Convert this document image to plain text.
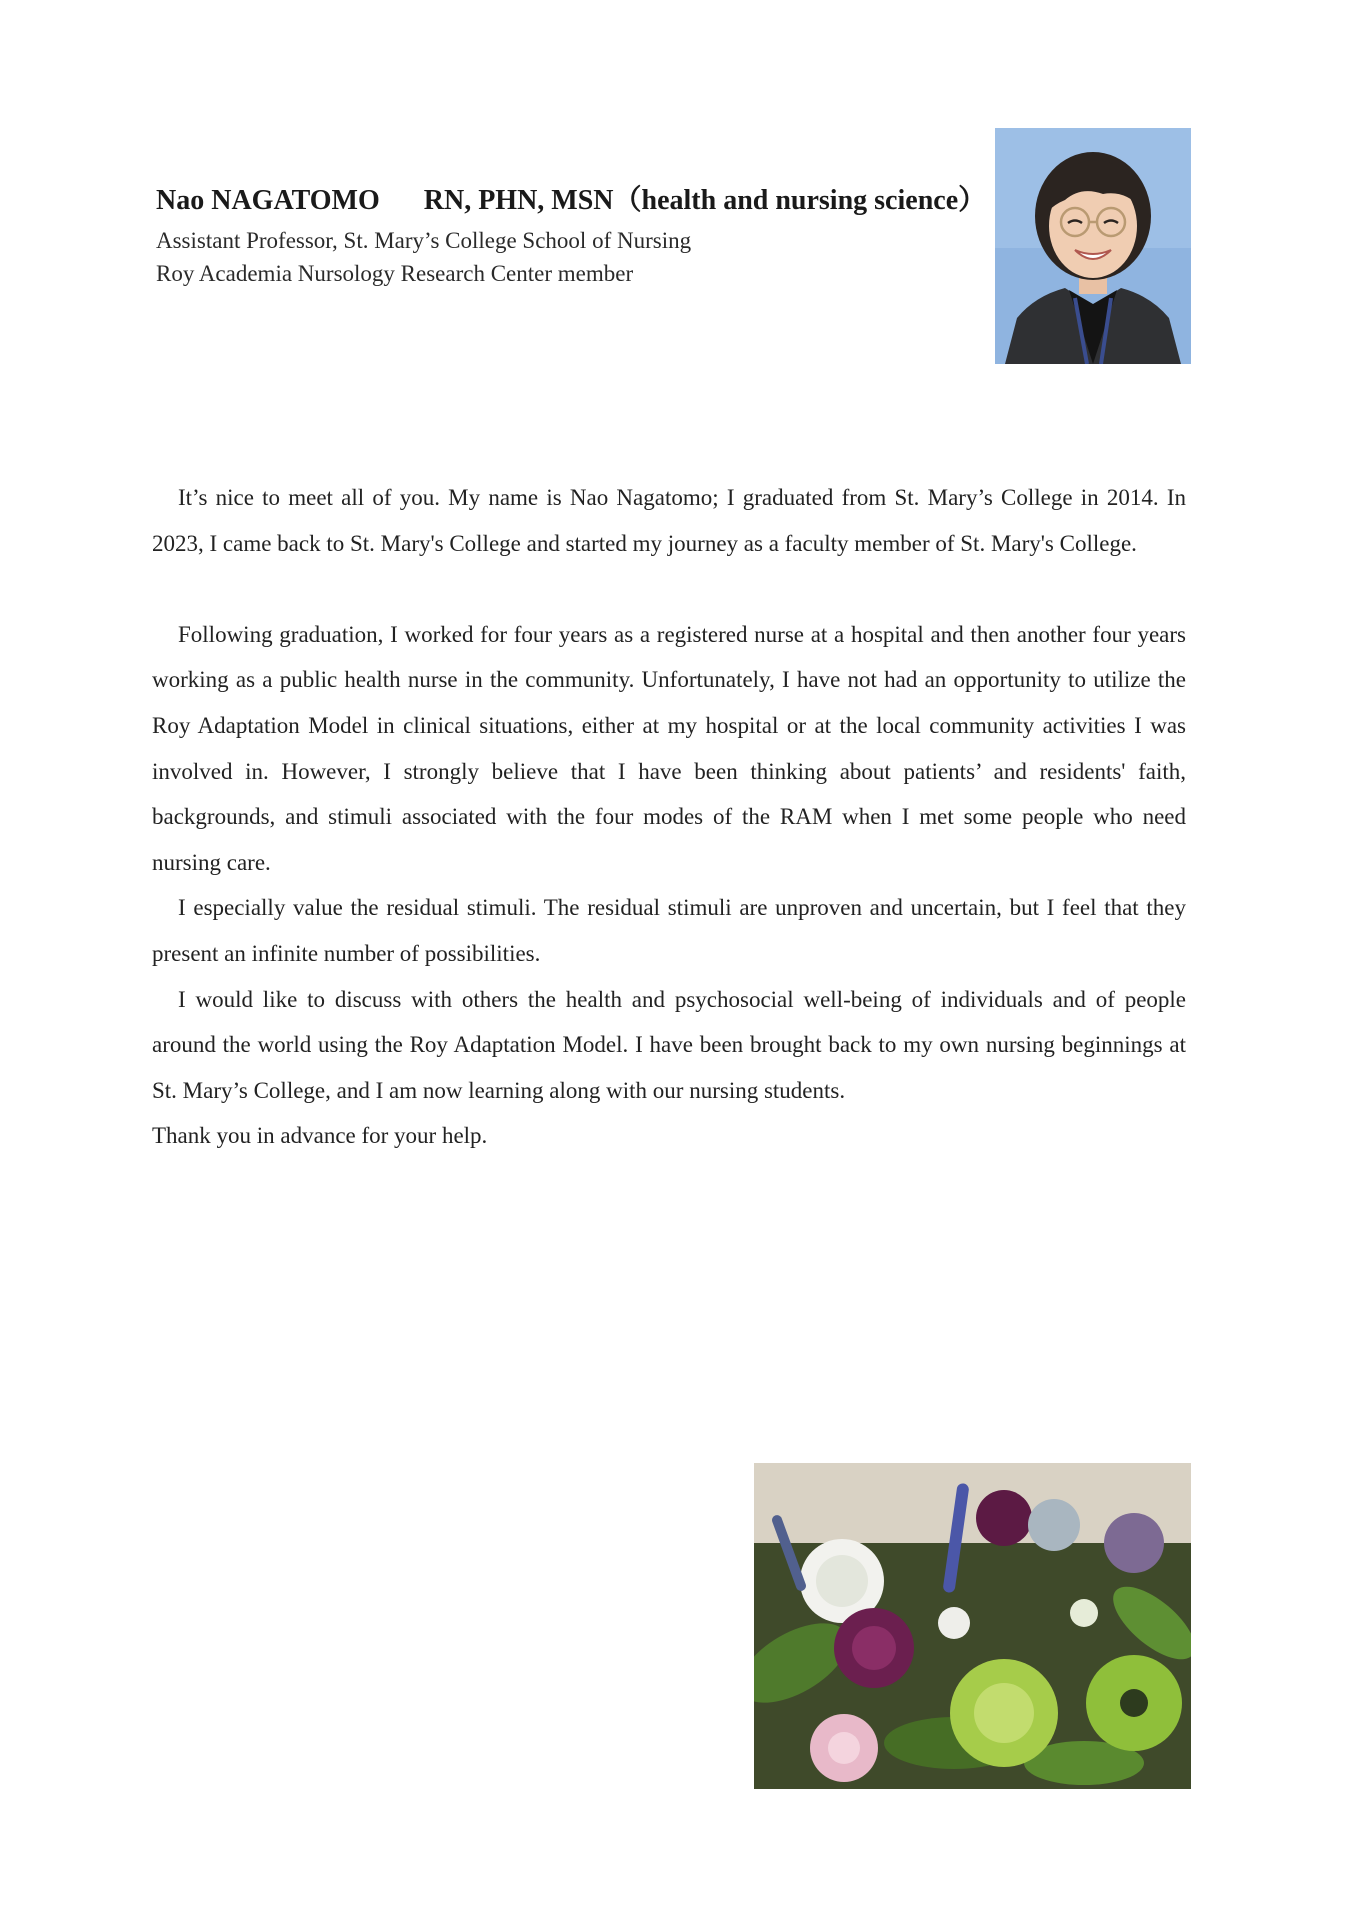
Nao NAGATOMO RN, PHN, MSN（health and nursing science）
Assistant Professor, St. Mary’s College School of Nursing
Roy Academia Nursology Research Center member

It’s nice to meet all of you. My name is Nao Nagatomo; I graduated from St. Mary’s College in 2014. In 2023, I came back to St. Mary's College and started my journey as a faculty member of St. Mary's College.

Following graduation, I worked for four years as a registered nurse at a hospital and then another four years working as a public health nurse in the community. Unfortunately, I have not had an opportunity to utilize the Roy Adaptation Model in clinical situations, either at my hospital or at the local community activities I was involved in. However, I strongly believe that I have been thinking about patients’ and residents' faith, backgrounds, and stimuli associated with the four modes of the RAM when I met some people who need nursing care.

I especially value the residual stimuli. The residual stimuli are unproven and uncertain, but I feel that they present an infinite number of possibilities.

I would like to discuss with others the health and psychosocial well-being of individuals and of people around the world using the Roy Adaptation Model. I have been brought back to my own nursing beginnings at St. Mary’s College, and I am now learning along with our nursing students.

Thank you in advance for your help.
